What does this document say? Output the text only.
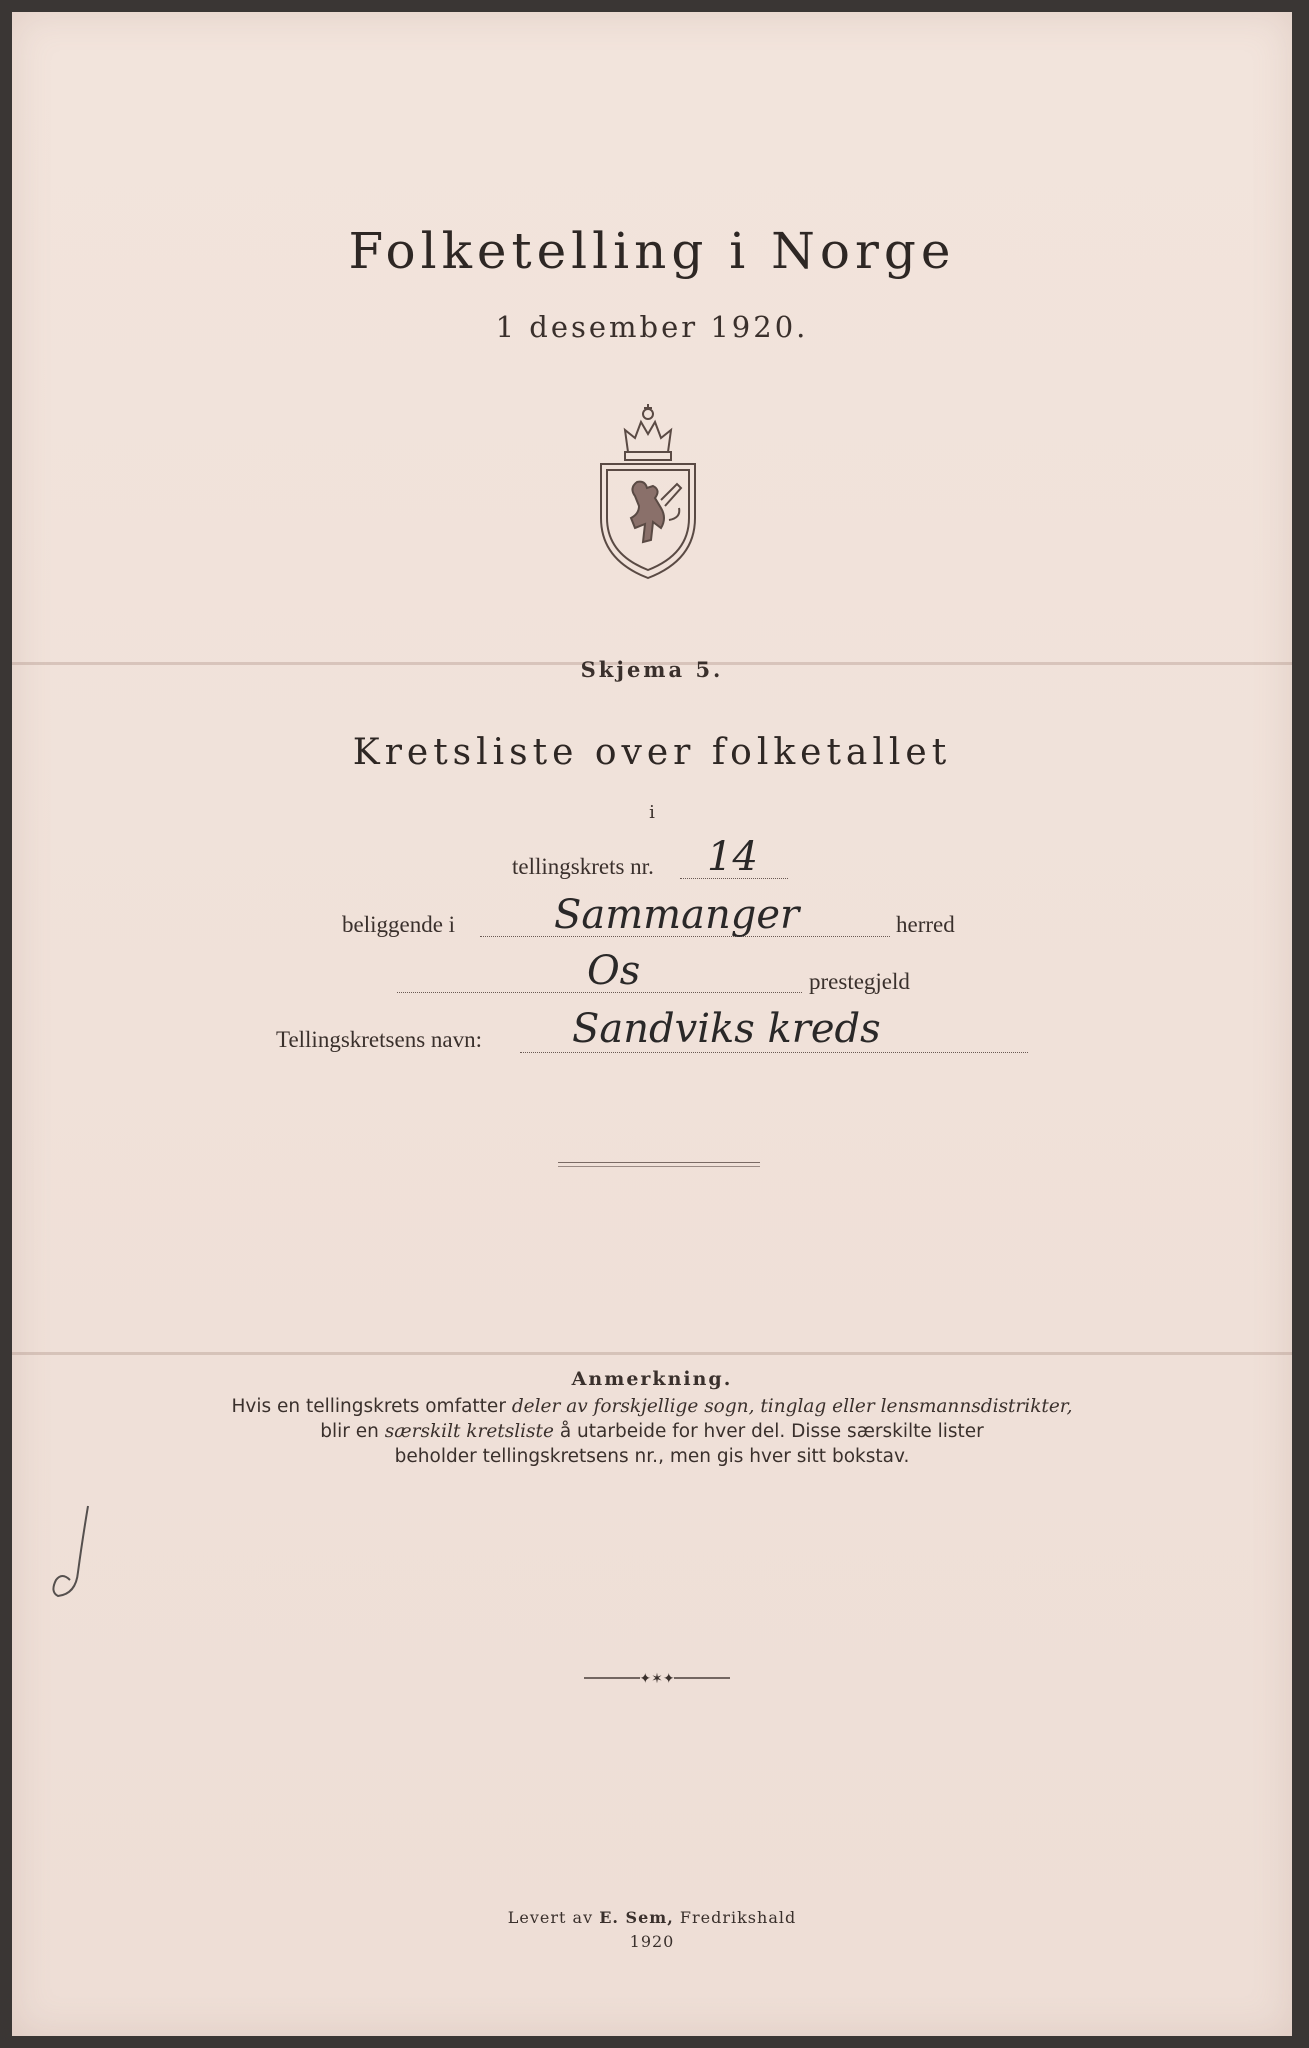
Folketelling i Norge
1 desember 1920.
Skjema 5.
Kretsliste over folketallet
i
tellingskrets nr. 14
beliggende i Sammanger	herred
Os	prestegjeld
Tellingskretsens navn: Sandviks kreds
Anmerkning.
Hvis en tellingskrets omfatter deler av forskjellige sogn, tinglag eller lensmannsdistrikter,
blir en særskilt kretsliste å utarbeide for hver del. Disse særskilte lister
beholder tellingskretsens nr., men gis hver sitt bokstav.
✦✶✦
Levert av E. Sem, Fredrikshald
1920
